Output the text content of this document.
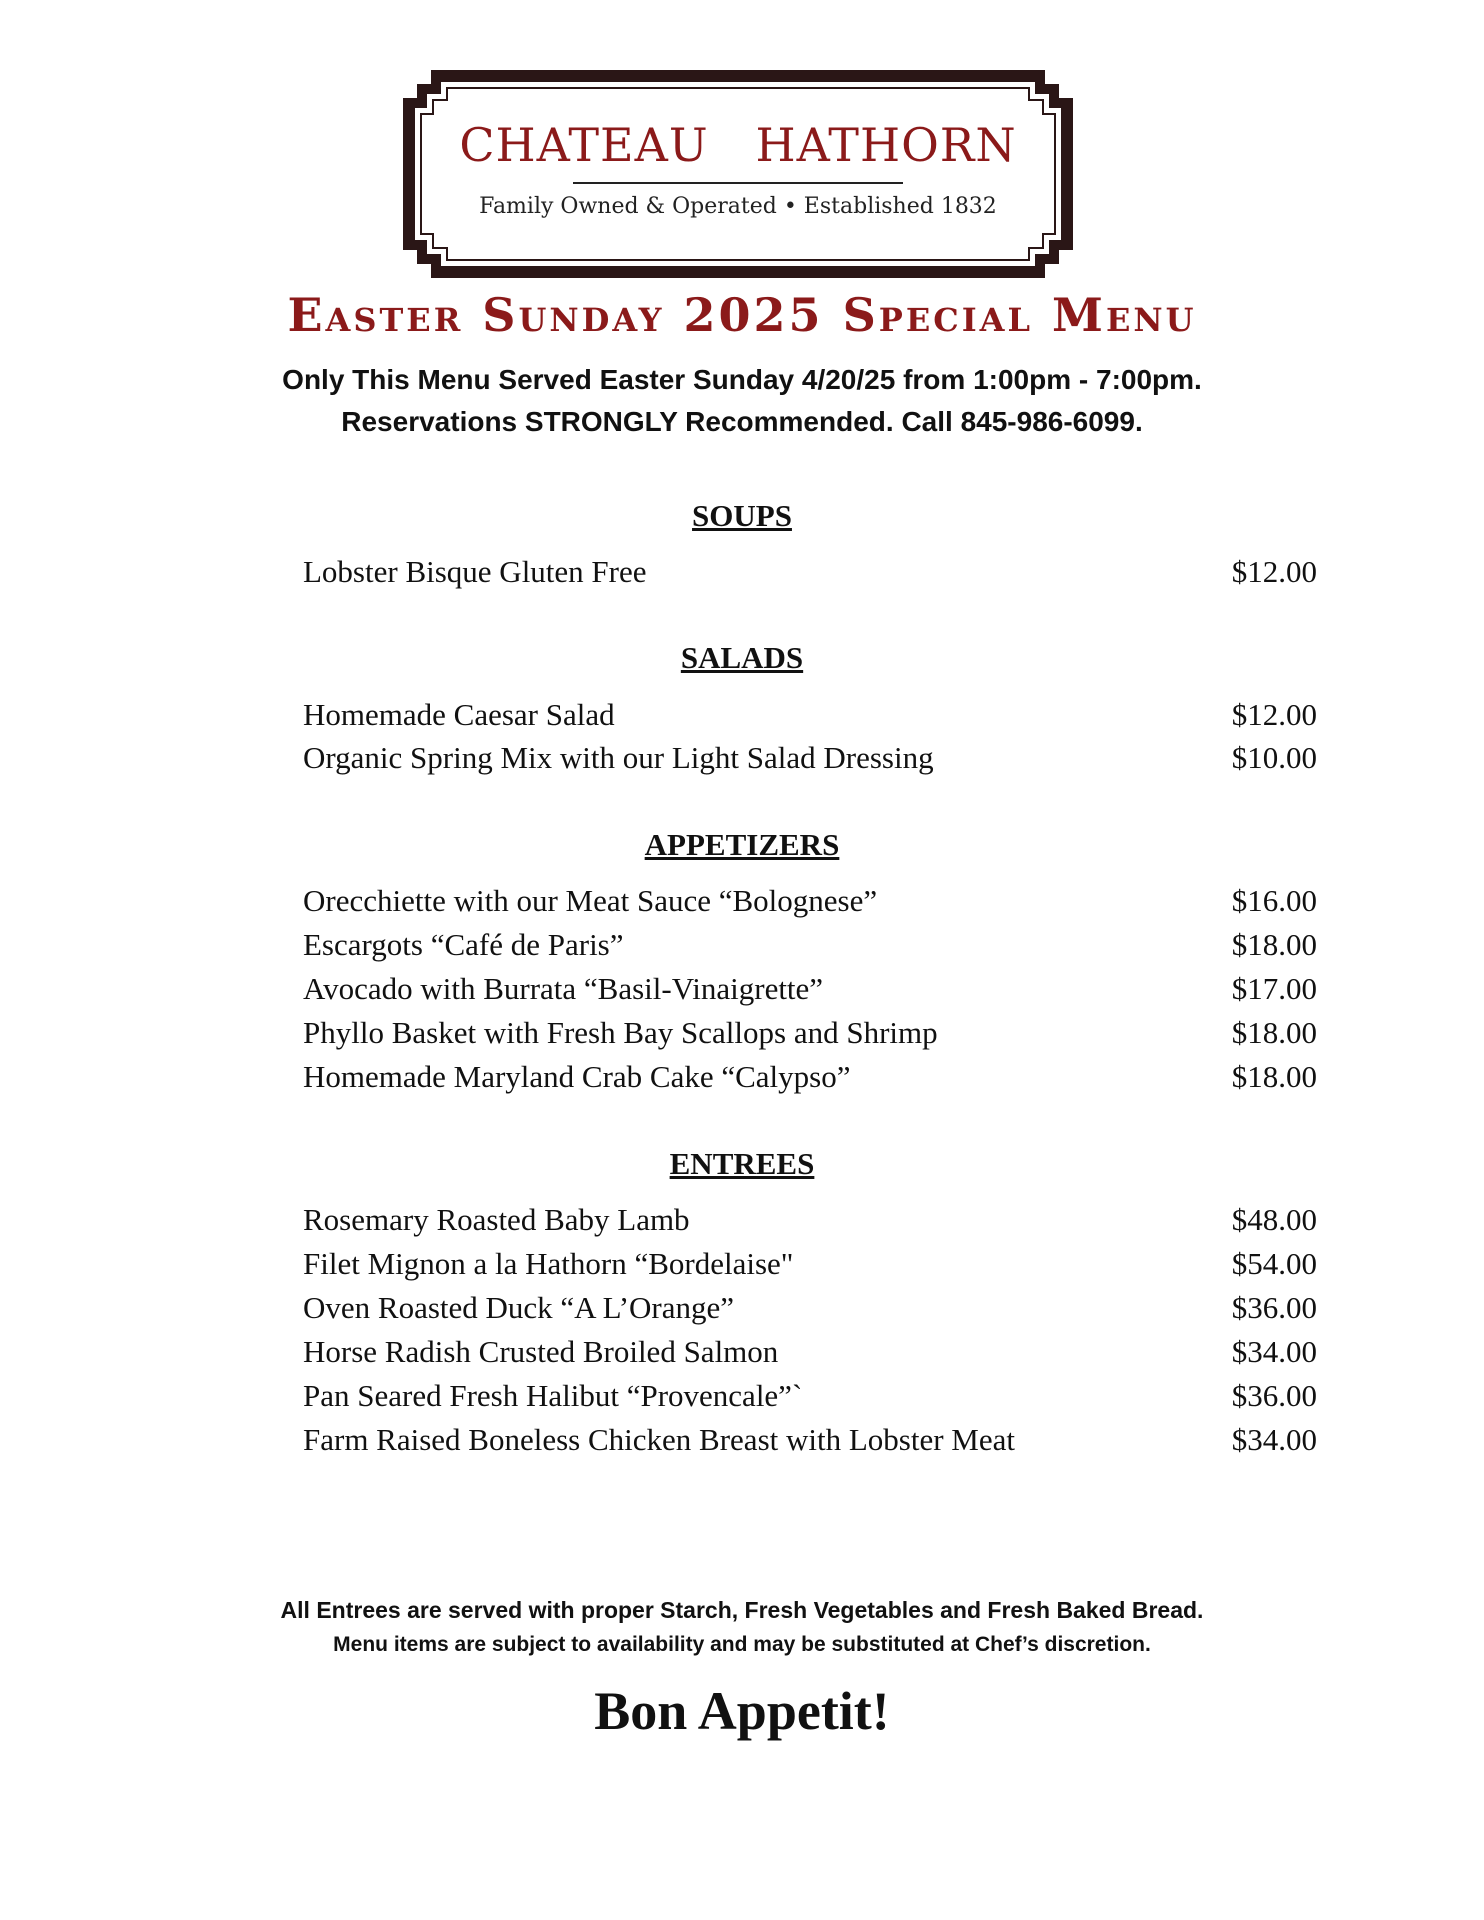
CHATEAU   HATHORN
Family Owned & Operated • Established 1832
Easter Sunday 2025 Special Menu
Only This Menu Served Easter Sunday 4/20/25 from 1:00pm - 7:00pm.
Reservations STRONGLY Recommended. Call 845-986-6099.
SOUPS
Lobster Bisque Gluten Free	$12.00
SALADS
Homemade Caesar Salad	$12.00
Organic Spring Mix with our Light Salad Dressing	$10.00
APPETIZERS
Orecchiette with our Meat Sauce “Bolognese”	$16.00
Escargots “Café de Paris”	$18.00
Avocado with Burrata “Basil-Vinaigrette”	$17.00
Phyllo Basket with Fresh Bay Scallops and Shrimp	$18.00
Homemade Maryland Crab Cake “Calypso”	$18.00
ENTREES
Rosemary Roasted Baby Lamb	$48.00
Filet Mignon a la Hathorn “Bordelaise"	$54.00
Oven Roasted Duck “A L’Orange”	$36.00
Horse Radish Crusted Broiled Salmon	$34.00
Pan Seared Fresh Halibut “Provencale”`	$36.00
Farm Raised Boneless Chicken Breast with Lobster Meat	$34.00
All Entrees are served with proper Starch, Fresh Vegetables and Fresh Baked Bread.
Menu items are subject to availability and may be substituted at Chef’s discretion.
Bon Appetit!
